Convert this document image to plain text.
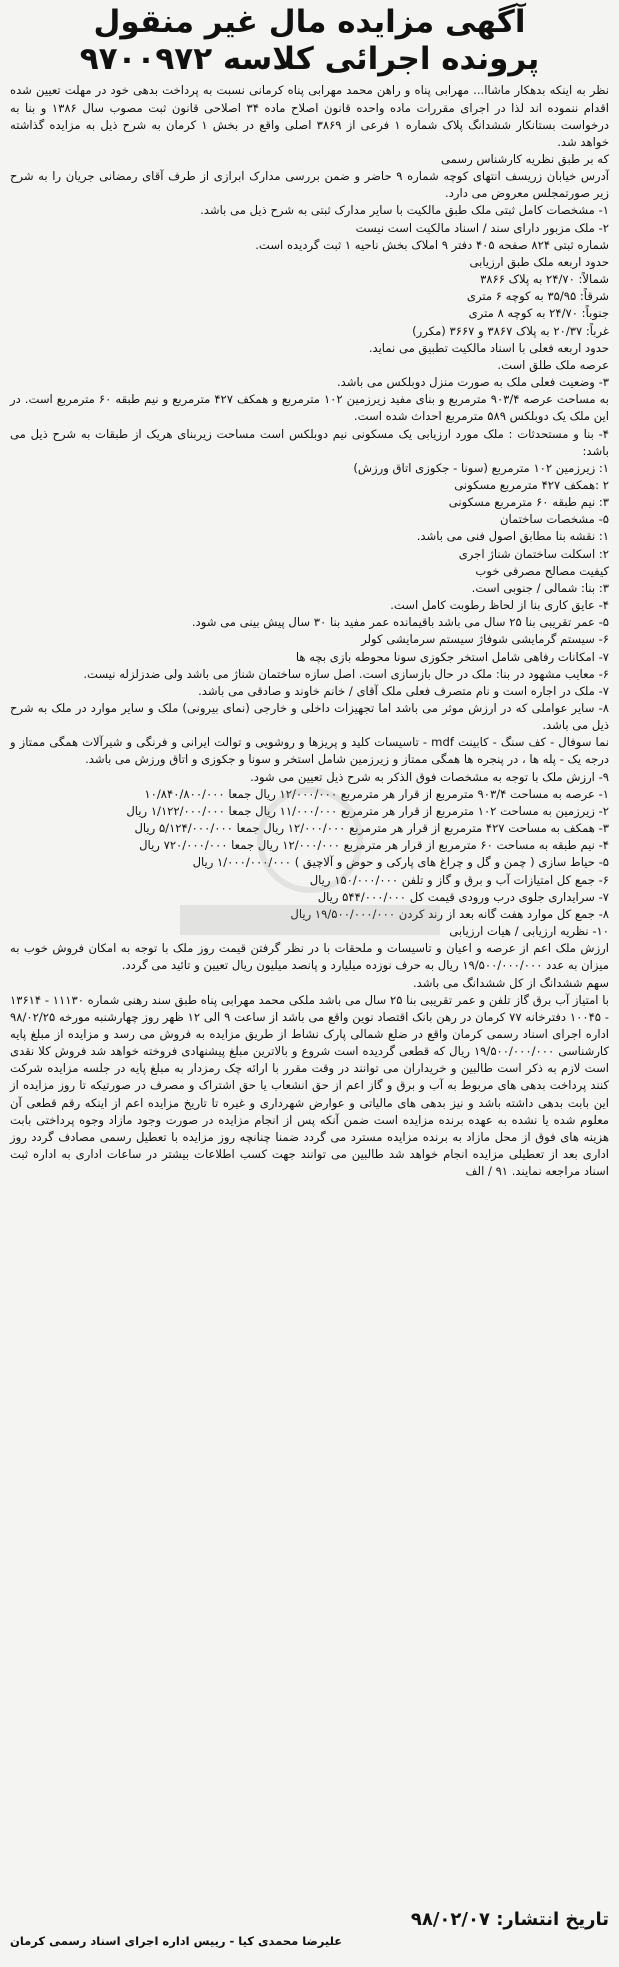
آگهی مزایده مال غیر منقول
پرونده اجرائی کلاسه ۹۷۰۰۹۷۲

نظر به اینکه بدهکار ماشاا... مهرابی پناه و راهن محمد مهرابی پناه کرمانی نسبت به پرداخت بدهی خود در مهلت تعیین شده اقدام ننموده اند لذا در اجرای مقررات ماده واحده قانون اصلاح ماده ۳۴ اصلاحی قانون ثبت مصوب سال ۱۳۸۶ و بنا به درخواست بستانکار ششدانگ پلاک شماره ۱ فرعی از ۳۸۶۹ اصلی واقع در بخش ۱ کرمان به شرح ذیل به مزایده گذاشته خواهد شد.

که بر طبق نظریه کارشناس رسمی

آدرس خیابان زریسف انتهای کوچه شماره ۹ حاضر و ضمن بررسی مدارک ابرازی از طرف آقای رمضانی جریان را به شرح زیر صورتمجلس معروض می دارد.

۱- مشخصات کامل ثبتی ملک طبق مالکیت با سایر مدارک ثبتی به شرح ذیل می باشد.

۲- ملک مزبور دارای سند / اسناد مالکیت است نیست

شماره ثبتی ۸۲۴ صفحه ۴۰۵ دفتر ۹ املاک بخش ناحیه ۱ ثبت گردیده است.

حدود اربعه ملک طبق ارزیابی

شمالاً: ۲۴/۷۰ به پلاک ۳۸۶۶

شرقاً: ۳۵/۹۵ به کوچه ۶ متری

جنوباً: ۲۴/۷۰ به کوچه ۸ متری

غرباً: ۲۰/۳۷ به پلاک ۳۸۶۷ و ۳۶۶۷ (مکرر)

حدود اربعه فعلی با اسناد مالکیت تطبیق می نماید.

عرصه ملک طلق است.

۳- وضعیت فعلی ملک به صورت منزل دوبلکس می باشد.

به مساحت عرصه ۹۰۳/۴ مترمربع و بنای مفید زیرزمین ۱۰۲ مترمربع و همکف ۴۲۷ مترمربع و نیم طبقه ۶۰ مترمربع است. در این ملک یک دوبلکس ۵۸۹ مترمربع احداث شده است.

۴- بنا و مستحدثات : ملک مورد ارزیابی یک مسکونی نیم دوبلکس است مساحت زیربنای هریک از طبقات به شرح ذیل می باشد:

۱: زیرزمین ۱۰۲ مترمربع (سونا - جکوزی اتاق ورزش)

۲ :همکف ۴۲۷ مترمربع مسکونی

۳: نیم طبقه ۶۰ مترمربع مسکونی

۵- مشخصات ساختمان

۱: نقشه بنا مطابق اصول فنی می باشد.

۲: اسکلت ساختمان شناژ اجری

کیفیت مصالح مصرفی خوب

۳: بنا: شمالی / جنوبی است.

۴- عایق کاری بنا از لحاظ رطوبت کامل است.

۵- عمر تقریبی بنا ۲۵ سال می باشد باقیمانده عمر مفید بنا ۳۰ سال پیش بینی می شود.

۶- سیستم گرمایشی شوفاژ سیستم سرمایشی کولر

۷- امکانات رفاهی شامل استخر جکوزی سونا محوطه بازی بچه ها

۶- معایب مشهود در بنا: ملک در حال بازسازی است. اصل سازه ساختمان شناژ می باشد ولی ضدزلزله نیست.

۷- ملک در اجاره است و نام متصرف فعلی ملک آقای / خانم خاوند و صادقی می باشد.

۸- سایر عواملی که در ارزش موثر می باشد اما تجهیزات داخلی و خارجی (نمای بیرونی) ملک و سایر موارد در ملک به شرح ذیل می باشد.

نما سوفال - کف سنگ - کابینت mdf - تاسیسات کلید و پریزها و روشویی و توالت ایرانی و فرنگی و شیرآلات همگی ممتاز و درجه یک - پله ها ، در پنجره ها همگی ممتاز و زیرزمین شامل استخر و سونا و جکوزی و اتاق ورزش می باشد.

۹- ارزش ملک با توجه به مشخصات فوق الذکر به شرح ذیل تعیین می شود.

۱- عرصه به مساحت ۹۰۳/۴ مترمربع از قرار هر مترمربع ۱۲/۰۰۰/۰۰۰ ریال جمعا ۱۰/۸۴۰/۸۰۰/۰۰۰

۲- زیرزمین به مساحت ۱۰۲ مترمربع از قرار هر مترمربع ۱۱/۰۰۰/۰۰۰ ریال جمعا ۱/۱۲۲/۰۰۰/۰۰۰ ریال

۳- همکف به مساحت ۴۲۷ مترمربع از قرار هر مترمربع ۱۲/۰۰۰/۰۰۰ ریال جمعا ۵/۱۲۴/۰۰۰/۰۰۰ ریال

۴- نیم طبقه به مساحت ۶۰ مترمربع از قرار هر مترمربع ۱۲/۰۰۰/۰۰۰ ریال جمعا ۷۲۰/۰۰۰/۰۰۰ ریال

۵- حیاط سازی ( چمن و گل و چراغ های پارکی و حوض و آلاچیق ) ۱/۰۰۰/۰۰۰/۰۰۰ ریال

۶- جمع کل امتیازات آب و برق و گاز و تلفن ۱۵۰/۰۰۰/۰۰۰ ریال

۷- سرایداری جلوی درب ورودی قیمت کل ۵۴۴/۰۰۰/۰۰۰ ریال

۸- جمع کل موارد هفت گانه بعد از رند کردن ۱۹/۵۰۰/۰۰۰/۰۰۰ ریال

۱۰- نظریه ارزیابی / هیات ارزیابی

ارزش ملک اعم از عرصه و اعیان و تاسیسات و ملحقات با در نظر گرفتن قیمت روز ملک با توجه به امکان فروش خوب به میزان به عدد ۱۹/۵۰۰/۰۰۰/۰۰۰ ریال به حرف نوزده میلیارد و پانصد میلیون ریال تعیین و تائید می گردد.

سهم ششدانگ از کل ششدانگ می باشد.

با امتیاز آب برق گاز تلفن و عمر تقریبی بنا ۲۵ سال می باشد ملکی محمد مهرابی پناه طبق سند رهنی شماره ۱۱۱۳۰ - ۱۳۶۱۴ - ۱۰۰۴۵ دفترخانه ۷۷ کرمان در رهن بانک اقتصاد نوین واقع می باشد از ساعت ۹ الی ۱۲ ظهر روز چهارشنبه مورخه ۹۸/۰۲/۲۵ اداره اجرای اسناد رسمی کرمان واقع در ضلع شمالی پارک نشاط از طریق مزایده به فروش می رسد و مزایده از مبلغ پایه کارشناسی ۱۹/۵۰۰/۰۰۰/۰۰۰ ریال که قطعی گردیده است شروع و بالاترین مبلغ پیشنهادی فروخته خواهد شد فروش کلا نقدی است لازم به ذکر است طالبین و خریداران می توانند در وقت مقرر با ارائه چک رمزدار به مبلغ پایه در جلسه مزایده شرکت کنند پرداخت بدهی های مربوط به آب و برق و گاز اعم از حق انشعاب یا حق اشتراک و مصرف در صورتیکه تا روز مزایده از این بابت بدهی داشته باشد و نیز بدهی های مالیاتی و عوارض شهرداری و غیره تا تاریخ مزایده اعم از اینکه رقم قطعی آن معلوم شده یا نشده به عهده برنده مزایده است ضمن آنکه پس از انجام مزایده در صورت وجود مازاد وجوه پرداختی بابت هزینه های فوق از محل مازاد به برنده مزایده مسترد می گردد ضمنا چنانچه روز مزایده با تعطیل رسمی مصادف گردد روز اداری بعد از تعطیلی مزایده انجام خواهد شد طالبین می توانند جهت کسب اطلاعات بیشتر در ساعات اداری به اداره ثبت اسناد مراجعه نمایند. ۹۱ / الف

تاریخ انتشار: ۹۸/۰۲/۰۷

علیرضا محمدی کیا - رییس اداره اجرای اسناد رسمی کرمان
